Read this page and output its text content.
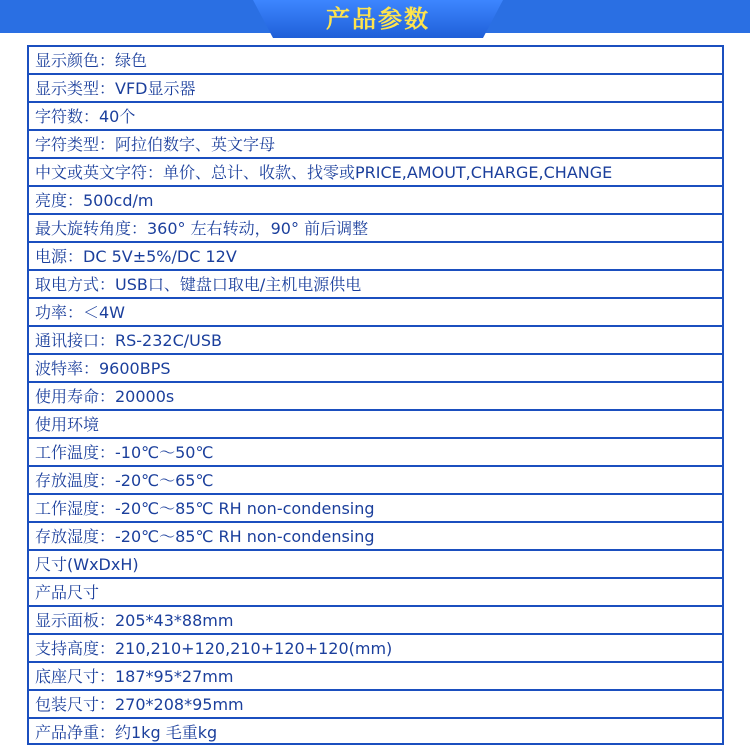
产品参数
显示颜色：绿色
显示类型：VFD显示器
字符数：40个
字符类型：阿拉伯数字、英文字母
中文或英文字符：单价、总计、收款、找零或PRICE,AMOUT,CHARGE,CHANGE
亮度：500cd/m
最大旋转角度：360° 左右转动，90° 前后调整
电源：DC 5V±5%/DC 12V
取电方式：USB口、键盘口取电/主机电源供电
功率：＜4W
通讯接口：RS-232C/USB
波特率：9600BPS
使用寿命：20000s
使用环境
工作温度：-10℃～50℃
存放温度：-20℃～65℃
工作湿度：-20℃～85℃ RH non-condensing
存放湿度：-20℃～85℃ RH non-condensing
尺寸(WxDxH)
产品尺寸
显示面板：205*43*88mm
支持高度：210,210+120,210+120+120(mm)
底座尺寸：187*95*27mm
包装尺寸：270*208*95mm
产品净重：约1kg 毛重kg
